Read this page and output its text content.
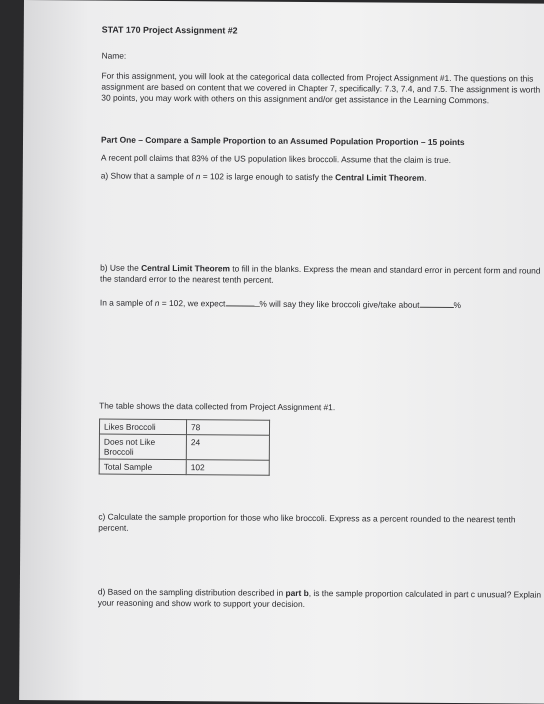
STAT 170 Project Assignment #2

Name:

For this assignment, you will look at the categorical data collected from Project Assignment #1. The questions on this assignment are based on content that we covered in Chapter 7, specifically: 7.3, 7.4, and 7.5. The assignment is worth 30 points, you may work with others on this assignment and/or get assistance in the Learning Commons.

Part One – Compare a Sample Proportion to an Assumed Population Proportion – 15 points

A recent poll claims that 83% of the US population likes broccoli. Assume that the claim is true.

a) Show that a sample of n = 102 is large enough to satisfy the Central Limit Theorem.

b) Use the Central Limit Theorem to fill in the blanks. Express the mean and standard error in percent form and round the standard error to the nearest tenth percent.

In a sample of n = 102, we expect	% will say they like broccoli give/take about	%

The table shows the data collected from Project Assignment #1.

Likes Broccoli	78
Does not Like Broccoli	24
Total Sample	102

c) Calculate the sample proportion for those who like broccoli. Express as a percent rounded to the nearest tenth percent.

d) Based on the sampling distribution described in part b, is the sample proportion calculated in part c unusual? Explain your reasoning and show work to support your decision.
